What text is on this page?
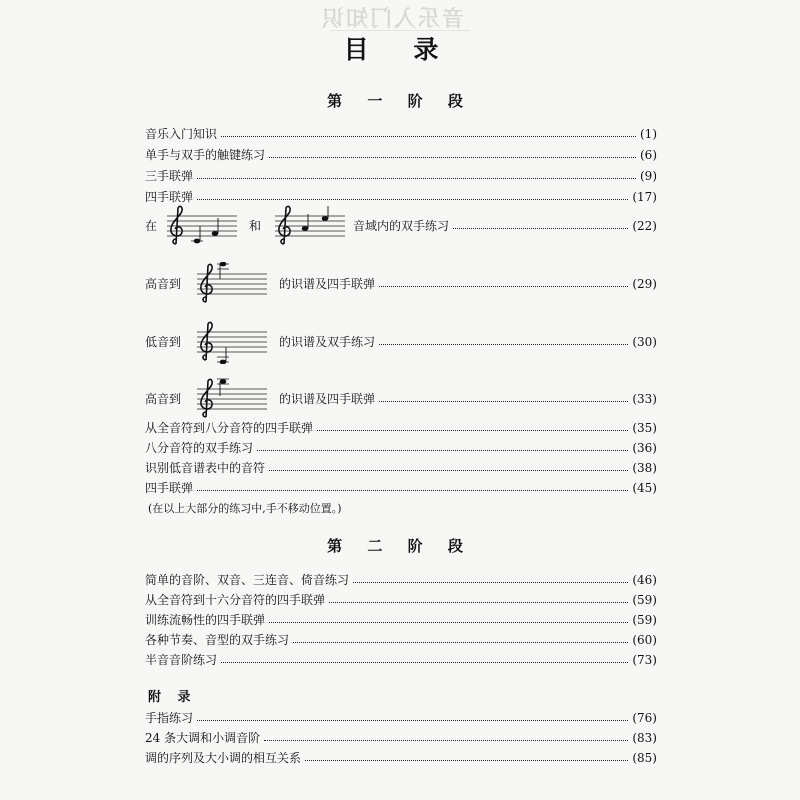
音乐入门知识
目 录
第 一 阶 段
音乐入门知识	(1)
单手与双手的触键练习	(6)
三手联弹	(9)
四手联弹	(17)
在	和	音域内的双手练习	(22)
高音到	的识谱及四手联弹	(29)
低音到	的识谱及双手练习	(30)
高音到	的识谱及四手联弹	(33)
从全音符到八分音符的四手联弹	(35)
八分音符的双手练习	(36)
识别低音谱表中的音符	(38)
四手联弹	(45)
(在以上大部分的练习中,手不移动位置。)
第 二 阶 段
简单的音阶、双音、三连音、倚音练习	(46)
从全音符到十六分音符的四手联弹	(59)
训练流畅性的四手联弹	(59)
各种节奏、音型的双手练习	(60)
半音音阶练习	(73)
附 录
手指练习	(76)
24 条大调和小调音阶	(83)
调的序列及大小调的相互关系	(85)
